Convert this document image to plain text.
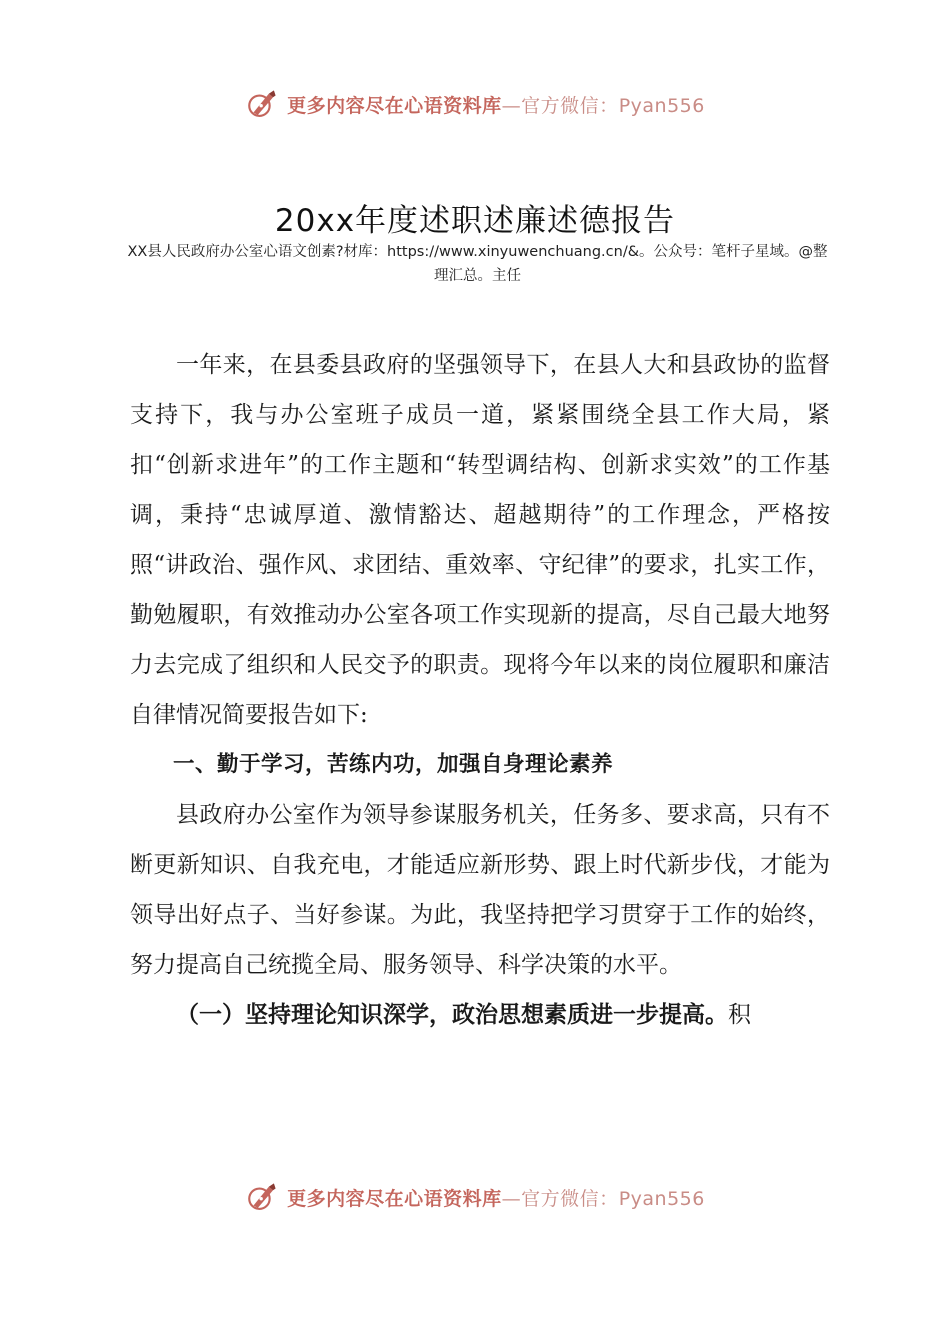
更多内容尽在心语资料库—官方微信：Pyan556
20xx年度述职述廉述德报告
XX县人民政府办公室心语文创素?材库：https://www.xinyuwenchuang.cn/&。公众号：笔杆子星域。@整理汇总。主任

一年来，在县委县政府的坚强领导下，在县人大和县政协的监督支持下，我与办公室班子成员一道，紧紧围绕全县工作大局，紧扣“创新求进年”的工作主题和“转型调结构、创新求实效”的工作基调，秉持“忠诚厚道、激情豁达、超越期待”的工作理念，严格按照“讲政治、强作风、求团结、重效率、守纪律”的要求，扎实工作，勤勉履职，有效推动办公室各项工作实现新的提高，尽自己最大地努力去完成了组织和人民交予的职责。现将今年以来的岗位履职和廉洁自律情况简要报告如下:

一、勤于学习，苦练内功，加强自身理论素养

县政府办公室作为领导参谋服务机关，任务多、要求高，只有不断更新知识、自我充电，才能适应新形势、跟上时代新步伐，才能为领导出好点子、当好参谋。为此，我坚持把学习贯穿于工作的始终，努力提高自己统揽全局、服务领导、科学决策的水平。

（一）坚持理论知识深学，政治思想素质进一步提高。积

更多内容尽在心语资料库—官方微信：Pyan556
